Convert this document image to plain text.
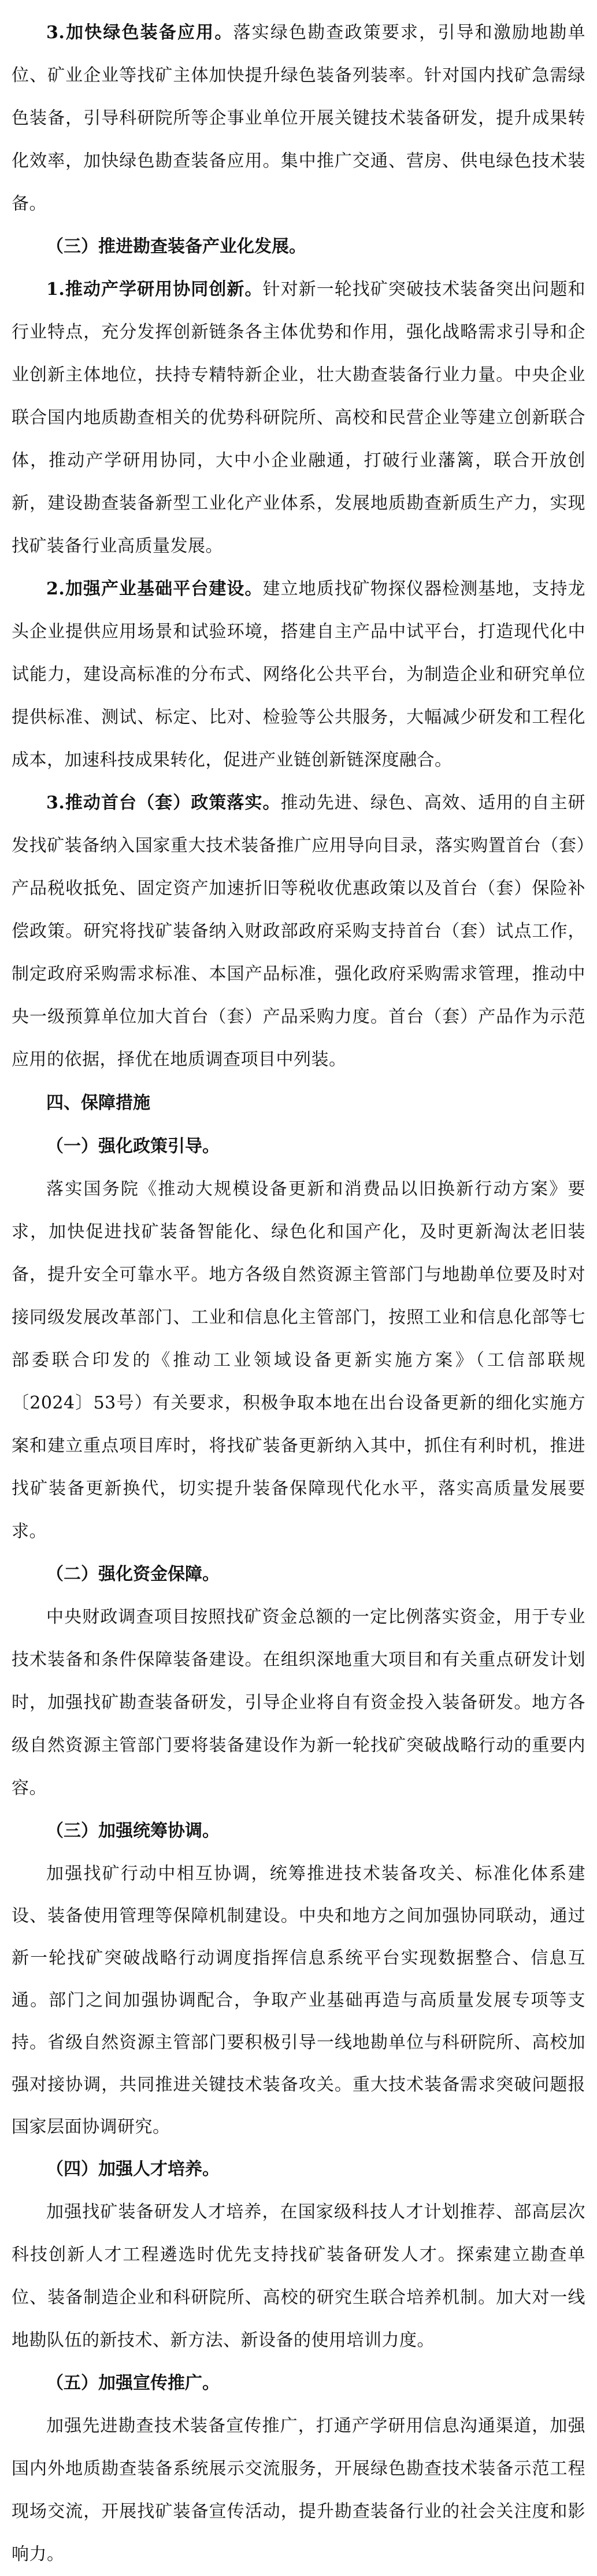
3.加快绿色装备应用。落实绿色勘查政策要求，引导和激励地勘单位、矿业企业等找矿主体加快提升绿色装备列装率。针对国内找矿急需绿色装备，引导科研院所等企事业单位开展关键技术装备研发，提升成果转化效率，加快绿色勘查装备应用。集中推广交通、营房、供电绿色技术装备。

（三）推进勘查装备产业化发展。

1.推动产学研用协同创新。针对新一轮找矿突破技术装备突出问题和行业特点，充分发挥创新链条各主体优势和作用，强化战略需求引导和企业创新主体地位，扶持专精特新企业，壮大勘查装备行业力量。中央企业联合国内地质勘查相关的优势科研院所、高校和民营企业等建立创新联合体，推动产学研用协同，大中小企业融通，打破行业藩篱，联合开放创新，建设勘查装备新型工业化产业体系，发展地质勘查新质生产力，实现找矿装备行业高质量发展。

2.加强产业基础平台建设。建立地质找矿物探仪器检测基地，支持龙头企业提供应用场景和试验环境，搭建自主产品中试平台，打造现代化中试能力，建设高标准的分布式、网络化公共平台，为制造企业和研究单位提供标准、测试、标定、比对、检验等公共服务，大幅减少研发和工程化成本，加速科技成果转化，促进产业链创新链深度融合。

3.推动首台（套）政策落实。推动先进、绿色、高效、适用的自主研发找矿装备纳入国家重大技术装备推广应用导向目录，落实购置首台（套）产品税收抵免、固定资产加速折旧等税收优惠政策以及首台（套）保险补偿政策。研究将找矿装备纳入财政部政府采购支持首台（套）试点工作，制定政府采购需求标准、本国产品标准，强化政府采购需求管理，推动中央一级预算单位加大首台（套）产品采购力度。首台（套）产品作为示范应用的依据，择优在地质调查项目中列装。

四、保障措施

（一）强化政策引导。

落实国务院《推动大规模设备更新和消费品以旧换新行动方案》要求，加快促进找矿装备智能化、绿色化和国产化，及时更新淘汰老旧装备，提升安全可靠水平。地方各级自然资源主管部门与地勘单位要及时对接同级发展改革部门、工业和信息化主管部门，按照工业和信息化部等七部委联合印发的《推动工业领域设备更新实施方案》（工信部联规〔2024〕53号）有关要求，积极争取本地在出台设备更新的细化实施方案和建立重点项目库时，将找矿装备更新纳入其中，抓住有利时机，推进找矿装备更新换代，切实提升装备保障现代化水平，落实高质量发展要求。

（二）强化资金保障。

中央财政调查项目按照找矿资金总额的一定比例落实资金，用于专业技术装备和条件保障装备建设。在组织深地重大项目和有关重点研发计划时，加强找矿勘查装备研发，引导企业将自有资金投入装备研发。地方各级自然资源主管部门要将装备建设作为新一轮找矿突破战略行动的重要内容。

（三）加强统筹协调。

加强找矿行动中相互协调，统筹推进技术装备攻关、标准化体系建设、装备使用管理等保障机制建设。中央和地方之间加强协同联动，通过新一轮找矿突破战略行动调度指挥信息系统平台实现数据整合、信息互通。部门之间加强协调配合，争取产业基础再造与高质量发展专项等支持。省级自然资源主管部门要积极引导一线地勘单位与科研院所、高校加强对接协调，共同推进关键技术装备攻关。重大技术装备需求突破问题报国家层面协调研究。

（四）加强人才培养。

加强找矿装备研发人才培养，在国家级科技人才计划推荐、部高层次科技创新人才工程遴选时优先支持找矿装备研发人才。探索建立勘查单位、装备制造企业和科研院所、高校的研究生联合培养机制。加大对一线地勘队伍的新技术、新方法、新设备的使用培训力度。

（五）加强宣传推广。

加强先进勘查技术装备宣传推广，打通产学研用信息沟通渠道，加强国内外地质勘查装备系统展示交流服务，开展绿色勘查技术装备示范工程现场交流，开展找矿装备宣传活动，提升勘查装备行业的社会关注度和影响力。
